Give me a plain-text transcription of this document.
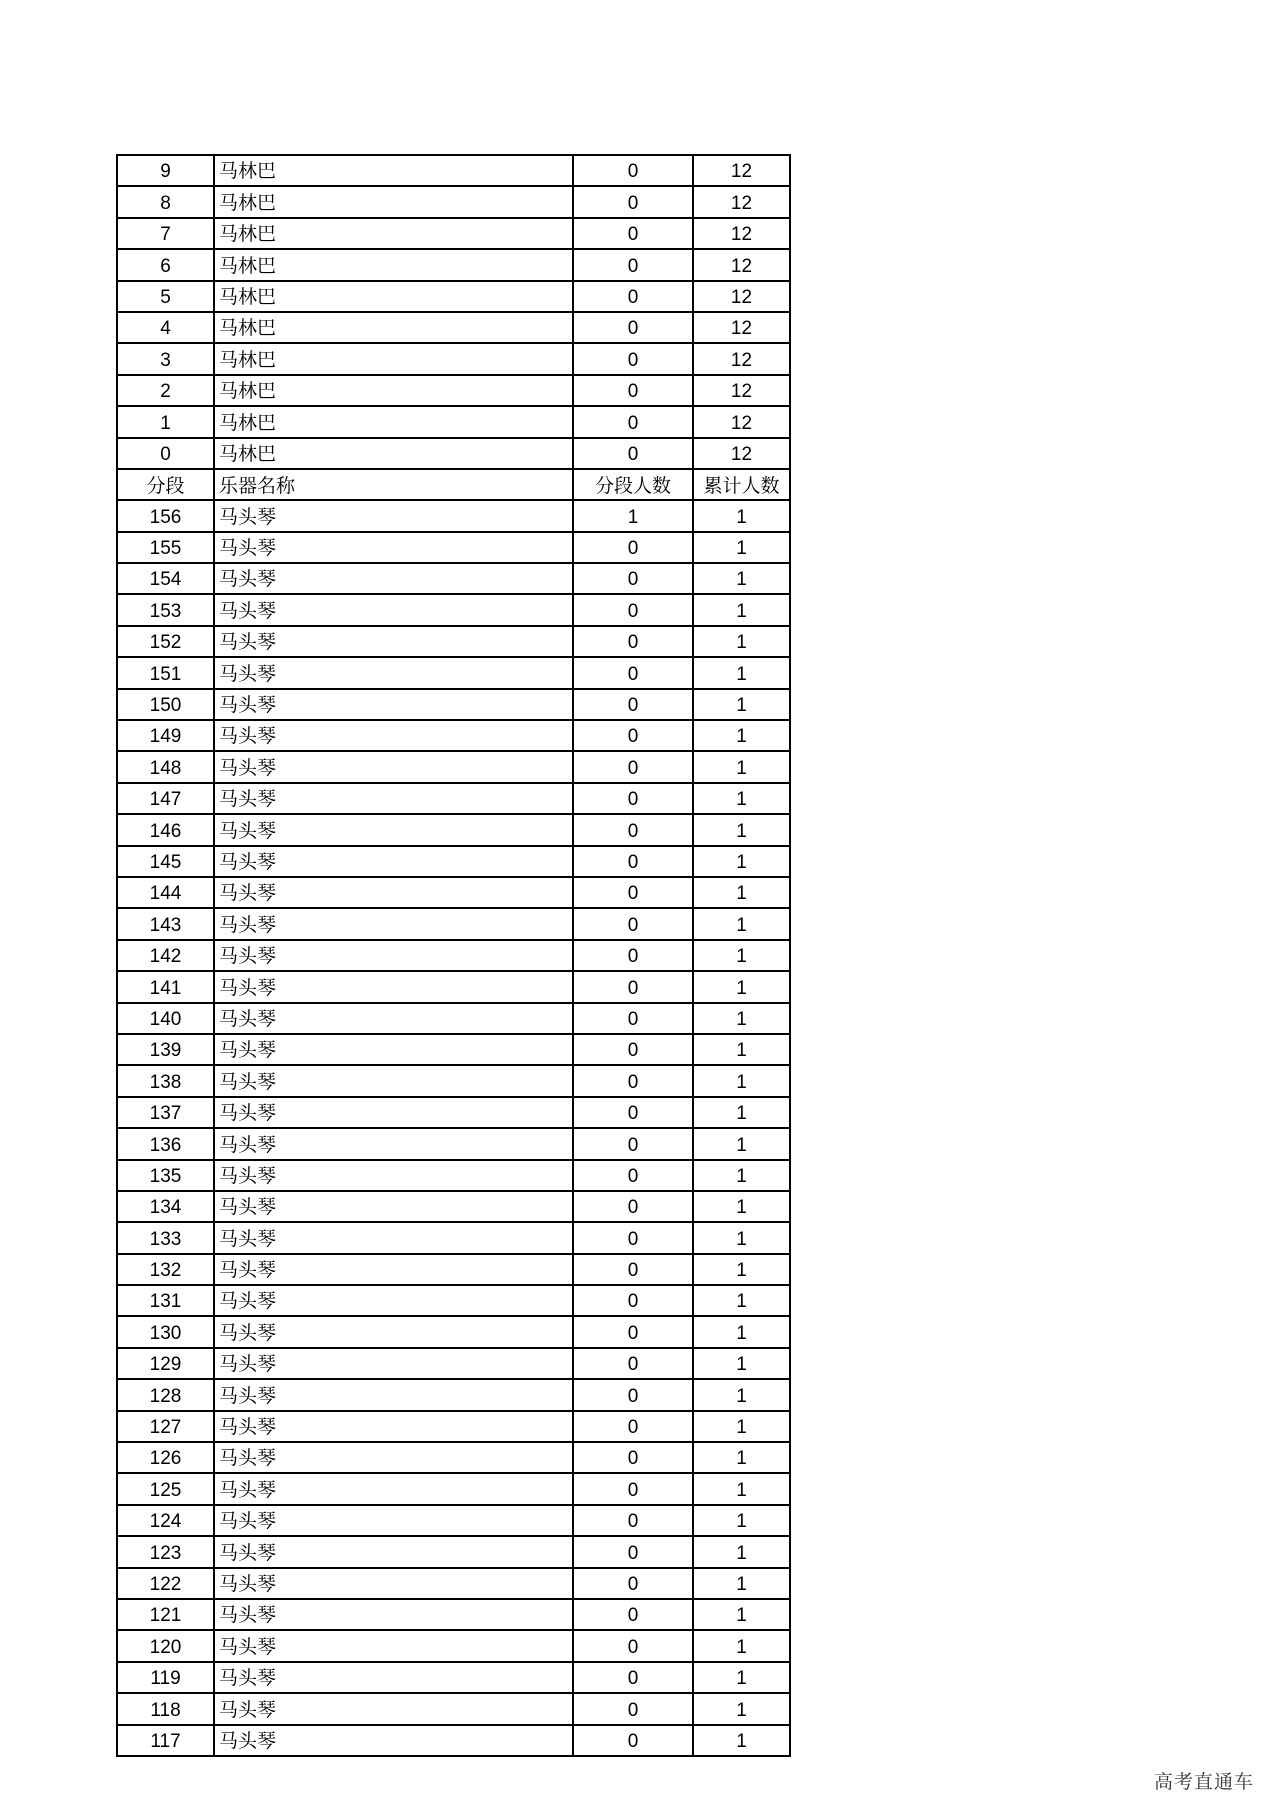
9	马林巴	0	12
8	马林巴	0	12
7	马林巴	0	12
6	马林巴	0	12
5	马林巴	0	12
4	马林巴	0	12
3	马林巴	0	12
2	马林巴	0	12
1	马林巴	0	12
0	马林巴	0	12
分段	乐器名称	分段人数	累计人数
156	马头琴	1	1
155	马头琴	0	1
154	马头琴	0	1
153	马头琴	0	1
152	马头琴	0	1
151	马头琴	0	1
150	马头琴	0	1
149	马头琴	0	1
148	马头琴	0	1
147	马头琴	0	1
146	马头琴	0	1
145	马头琴	0	1
144	马头琴	0	1
143	马头琴	0	1
142	马头琴	0	1
141	马头琴	0	1
140	马头琴	0	1
139	马头琴	0	1
138	马头琴	0	1
137	马头琴	0	1
136	马头琴	0	1
135	马头琴	0	1
134	马头琴	0	1
133	马头琴	0	1
132	马头琴	0	1
131	马头琴	0	1
130	马头琴	0	1
129	马头琴	0	1
128	马头琴	0	1
127	马头琴	0	1
126	马头琴	0	1
125	马头琴	0	1
124	马头琴	0	1
123	马头琴	0	1
122	马头琴	0	1
121	马头琴	0	1
120	马头琴	0	1
119	马头琴	0	1
118	马头琴	0	1
117	马头琴	0	1
高考直通车
